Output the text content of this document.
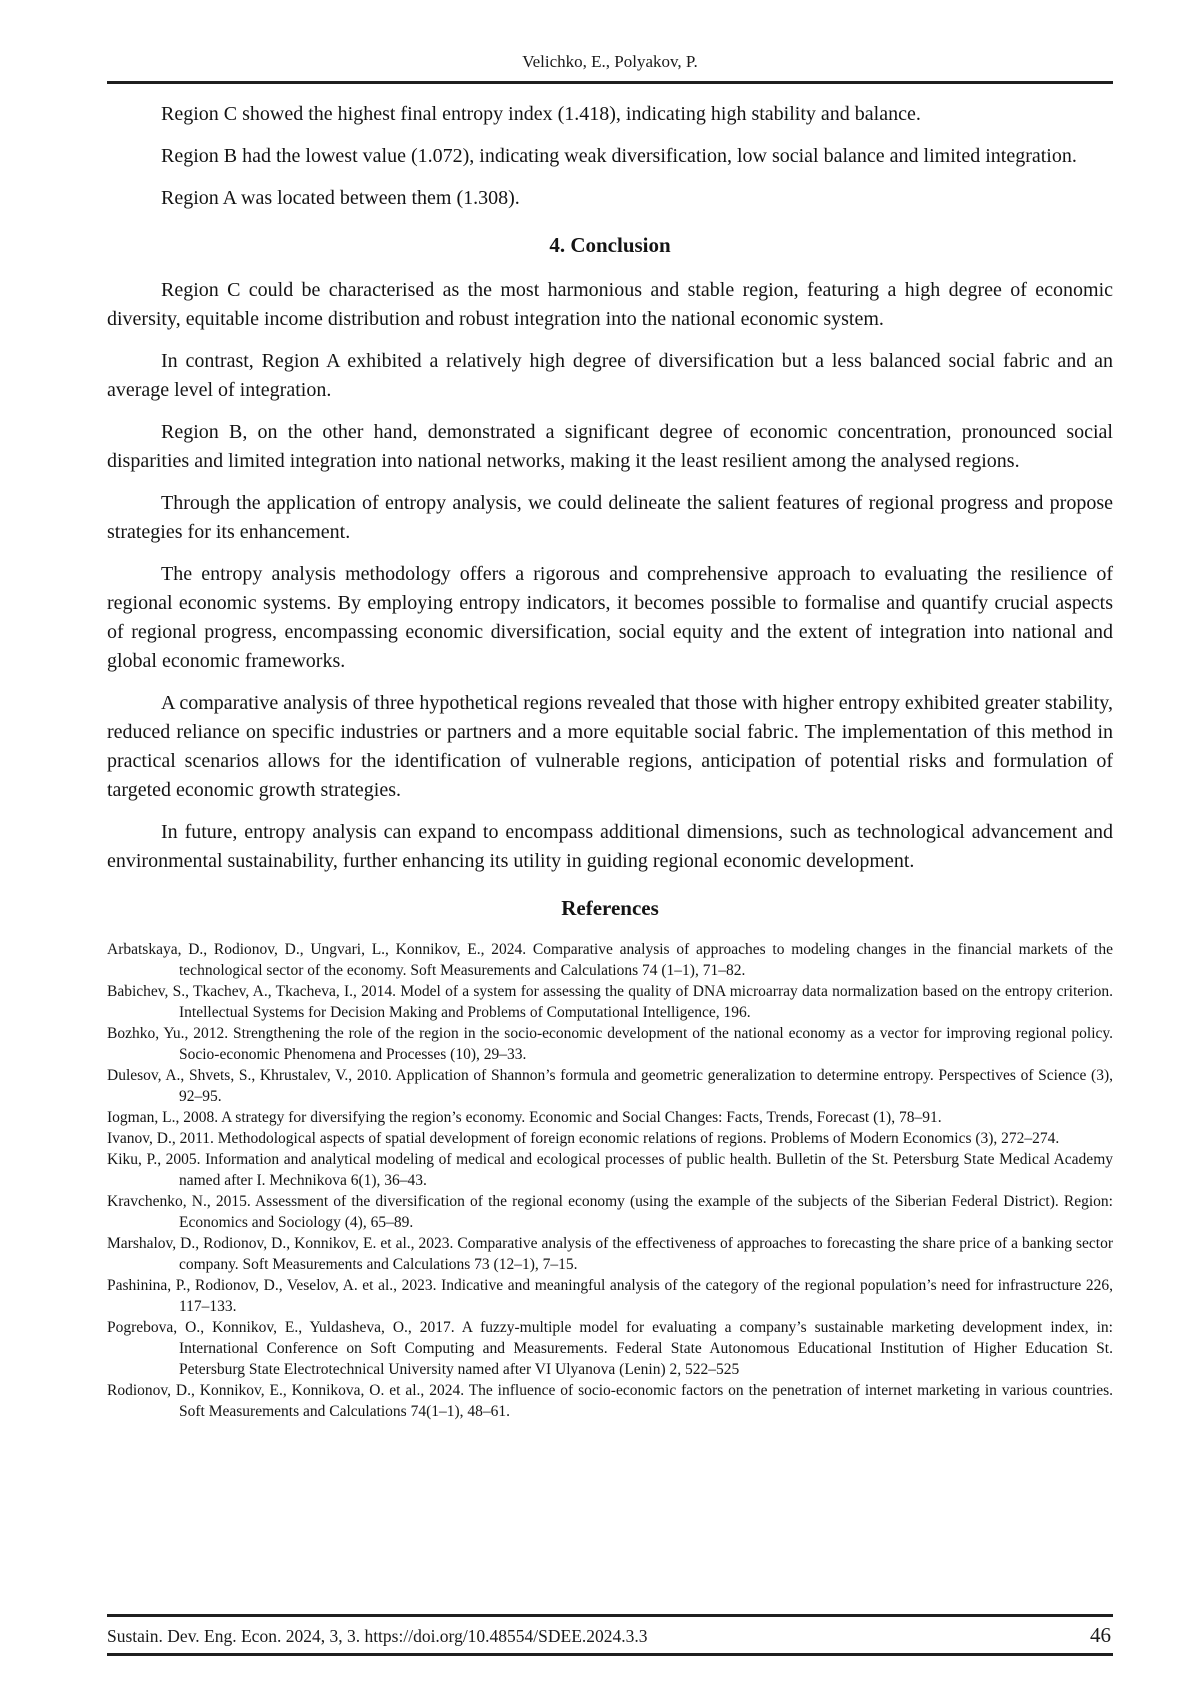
Velichko, E., Polyakov, P.

Region C showed the highest final entropy index (1.418), indicating high stability and balance.

Region B had the lowest value (1.072), indicating weak diversification, low social balance and limited integration.

Region A was located between them (1.308).

4. Conclusion

Region C could be characterised as the most harmonious and stable region, featuring a high degree of economic diversity, equitable income distribution and robust integration into the national economic system.

In contrast, Region A exhibited a relatively high degree of diversification but a less balanced social fabric and an average level of integration.

Region B, on the other hand, demonstrated a significant degree of economic concentration, pronounced social disparities and limited integration into national networks, making it the least resilient among the analysed regions.

Through the application of entropy analysis, we could delineate the salient features of regional progress and propose strategies for its enhancement.

The entropy analysis methodology offers a rigorous and comprehensive approach to evaluating the resilience of regional economic systems. By employing entropy indicators, it becomes possible to formalise and quantify crucial aspects of regional progress, encompassing economic diversification, social equity and the extent of integration into national and global economic frameworks.

A comparative analysis of three hypothetical regions revealed that those with higher entropy exhibited greater stability, reduced reliance on specific industries or partners and a more equitable social fabric. The implementation of this method in practical scenarios allows for the identification of vulnerable regions, anticipation of potential risks and formulation of targeted economic growth strategies.

In future, entropy analysis can expand to encompass additional dimensions, such as technological advancement and environmental sustainability, further enhancing its utility in guiding regional economic development.

References

Arbatskaya, D., Rodionov, D., Ungvari, L., Konnikov, E., 2024. Comparative analysis of approaches to modeling changes in the financial markets of the technological sector of the economy. Soft Measurements and Calculations 74 (1–1), 71–82.

Babichev, S., Tkachev, A., Tkacheva, I., 2014. Model of a system for assessing the quality of DNA microarray data normalization based on the entropy criterion. Intellectual Systems for Decision Making and Problems of Computational Intelligence, 196.

Bozhko, Yu., 2012. Strengthening the role of the region in the socio-economic development of the national economy as a vector for improving regional policy. Socio-economic Phenomena and Processes (10), 29–33.

Dulesov, A., Shvets, S., Khrustalev, V., 2010. Application of Shannon’s formula and geometric generalization to determine entropy. Perspectives of Science (3), 92–95.

Iogman, L., 2008. A strategy for diversifying the region’s economy. Economic and Social Changes: Facts, Trends, Forecast (1), 78–91.

Ivanov, D., 2011. Methodological aspects of spatial development of foreign economic relations of regions. Problems of Modern Economics (3), 272–274.

Kiku, P., 2005. Information and analytical modeling of medical and ecological processes of public health. Bulletin of the St. Petersburg State Medical Academy named after I. Mechnikova 6(1), 36–43.

Kravchenko, N., 2015. Assessment of the diversification of the regional economy (using the example of the subjects of the Siberian Federal District). Region: Economics and Sociology (4), 65–89.

Marshalov, D., Rodionov, D., Konnikov, E. et al., 2023. Comparative analysis of the effectiveness of approaches to forecasting the share price of a banking sector company. Soft Measurements and Calculations 73 (12–1), 7–15.

Pashinina, P., Rodionov, D., Veselov, A. et al., 2023. Indicative and meaningful analysis of the category of the regional population’s need for infrastructure 226, 117–133.

Pogrebova, O., Konnikov, E., Yuldasheva, O., 2017. A fuzzy-multiple model for evaluating a company’s sustainable marketing development index, in: International Conference on Soft Computing and Measurements. Federal State Autonomous Educational Institution of Higher Education St. Petersburg State Electrotechnical University named after VI Ulyanova (Lenin) 2, 522–525

Rodionov, D., Konnikov, E., Konnikova, O. et al., 2024. The influence of socio-economic factors on the penetration of internet marketing in various countries. Soft Measurements and Calculations 74(1–1), 48–61.

Sustain. Dev. Eng. Econ. 2024, 3, 3. https://doi.org/10.48554/SDEE.2024.3.3	46
